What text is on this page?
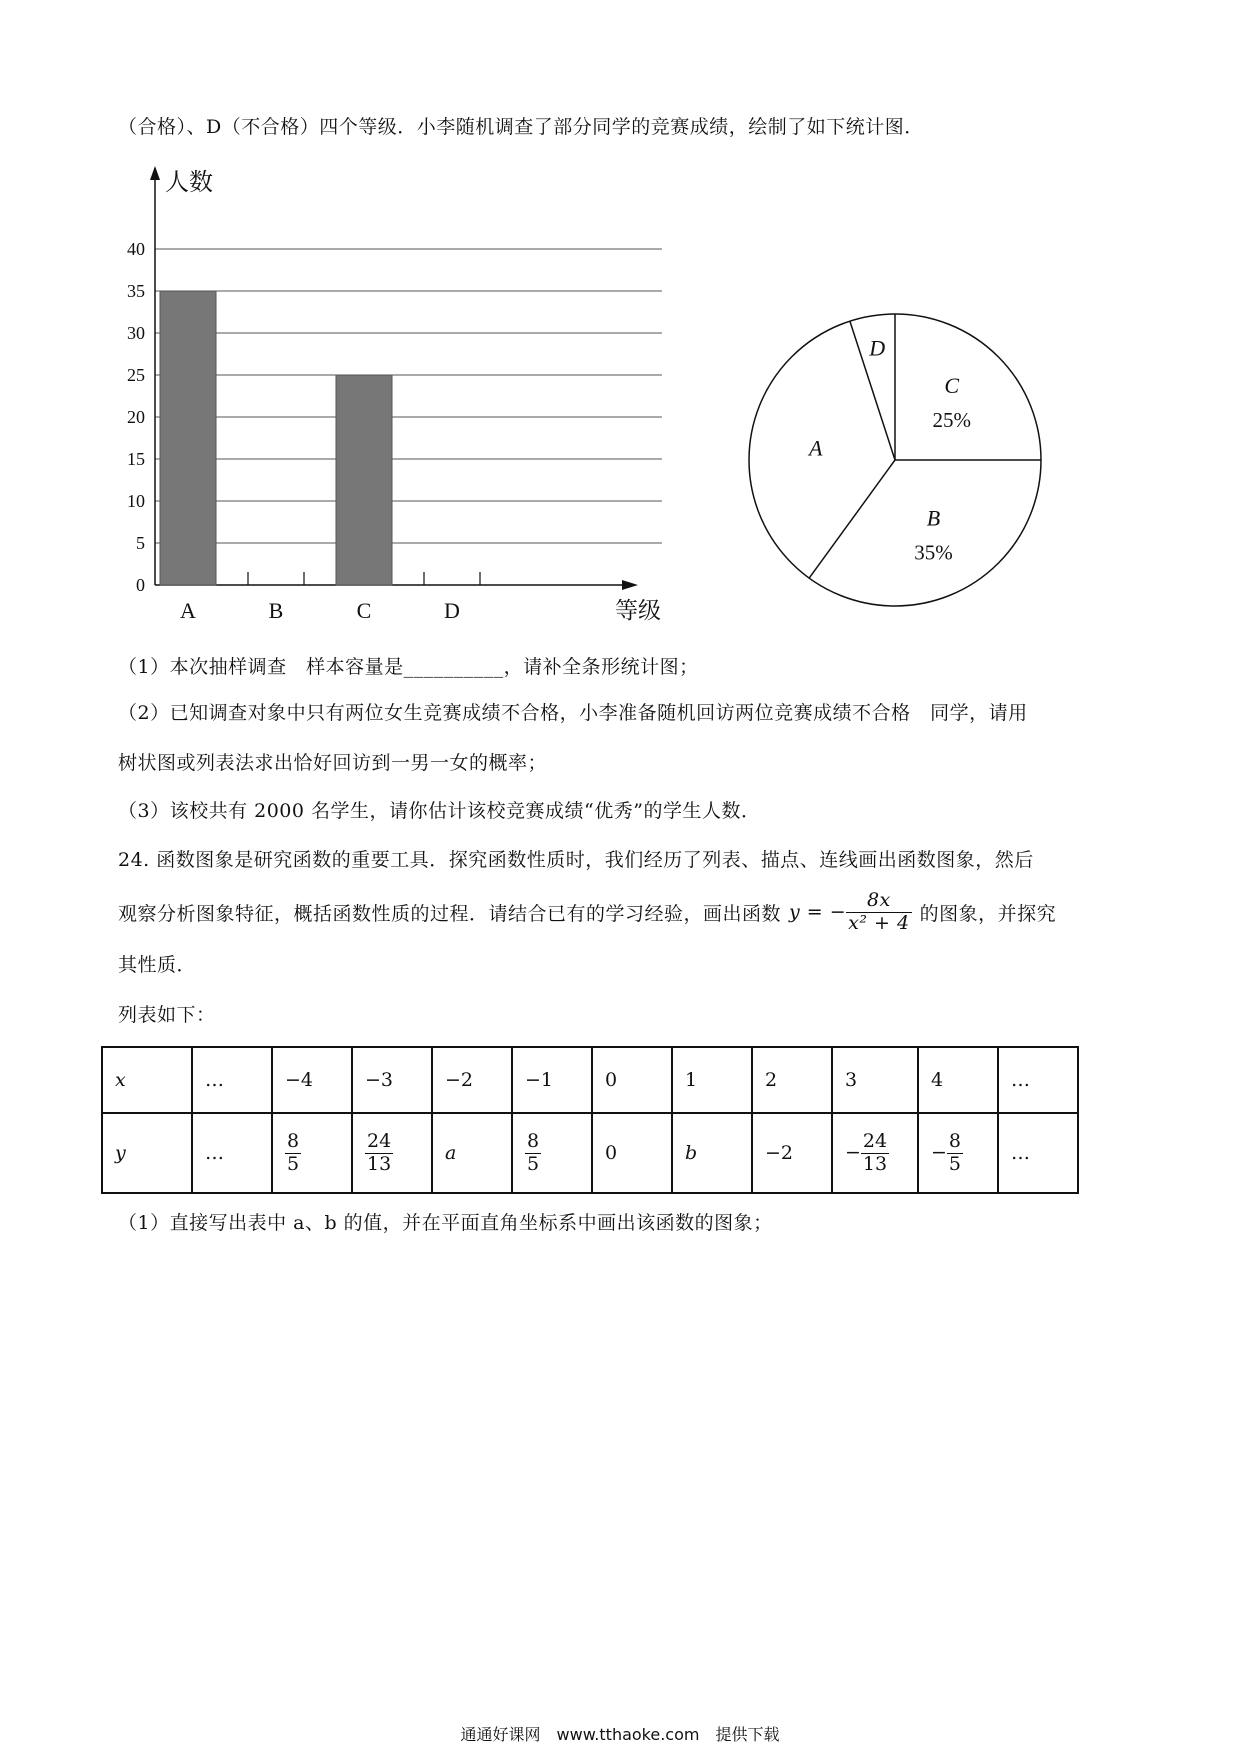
（合格）、D（不合格）四个等级．小李随机调查了部分同学的竞赛成绩，绘制了如下统计图．
0
5
10
15
20
25
30
35
40
人数
等级
A	B	C	D
B
35%
A
D
C
25%
（1）本次抽样调查　样本容量是__________，请补全条形统计图；
（2）已知调查对象中只有两位女生竞赛成绩不合格，小李准备随机回访两位竞赛成绩不合格　同学，请用
树状图或列表法求出恰好回访到一男一女的概率；
（3）该校共有 2000 名学生，请你估计该校竞赛成绩“优秀”的学生人数．
24. 函数图象是研究函数的重要工具．探究函数性质时，我们经历了列表、描点、连线画出函数图象，然后
观察分析图象特征，概括函数性质的过程．请结合已有的学习经验，画出函数 y = − $\frac{8x}{\text{x² + 4}}$ 的图象，并探究
其性质．
列表如下：
x	…	−4	−3	−2	−1	0	1	2	3	4	…
y	…	$\frac{8}{5}$	$\frac{24}{13}$	a	$\frac{8}{5}$	0	b	−2	− $\frac{24}{13}$	− $\frac{8}{5}$	…
（1）直接写出表中 a、b 的值，并在平面直角坐标系中画出该函数的图象；
通通好课网　www.tthaoke.com　提供下载
